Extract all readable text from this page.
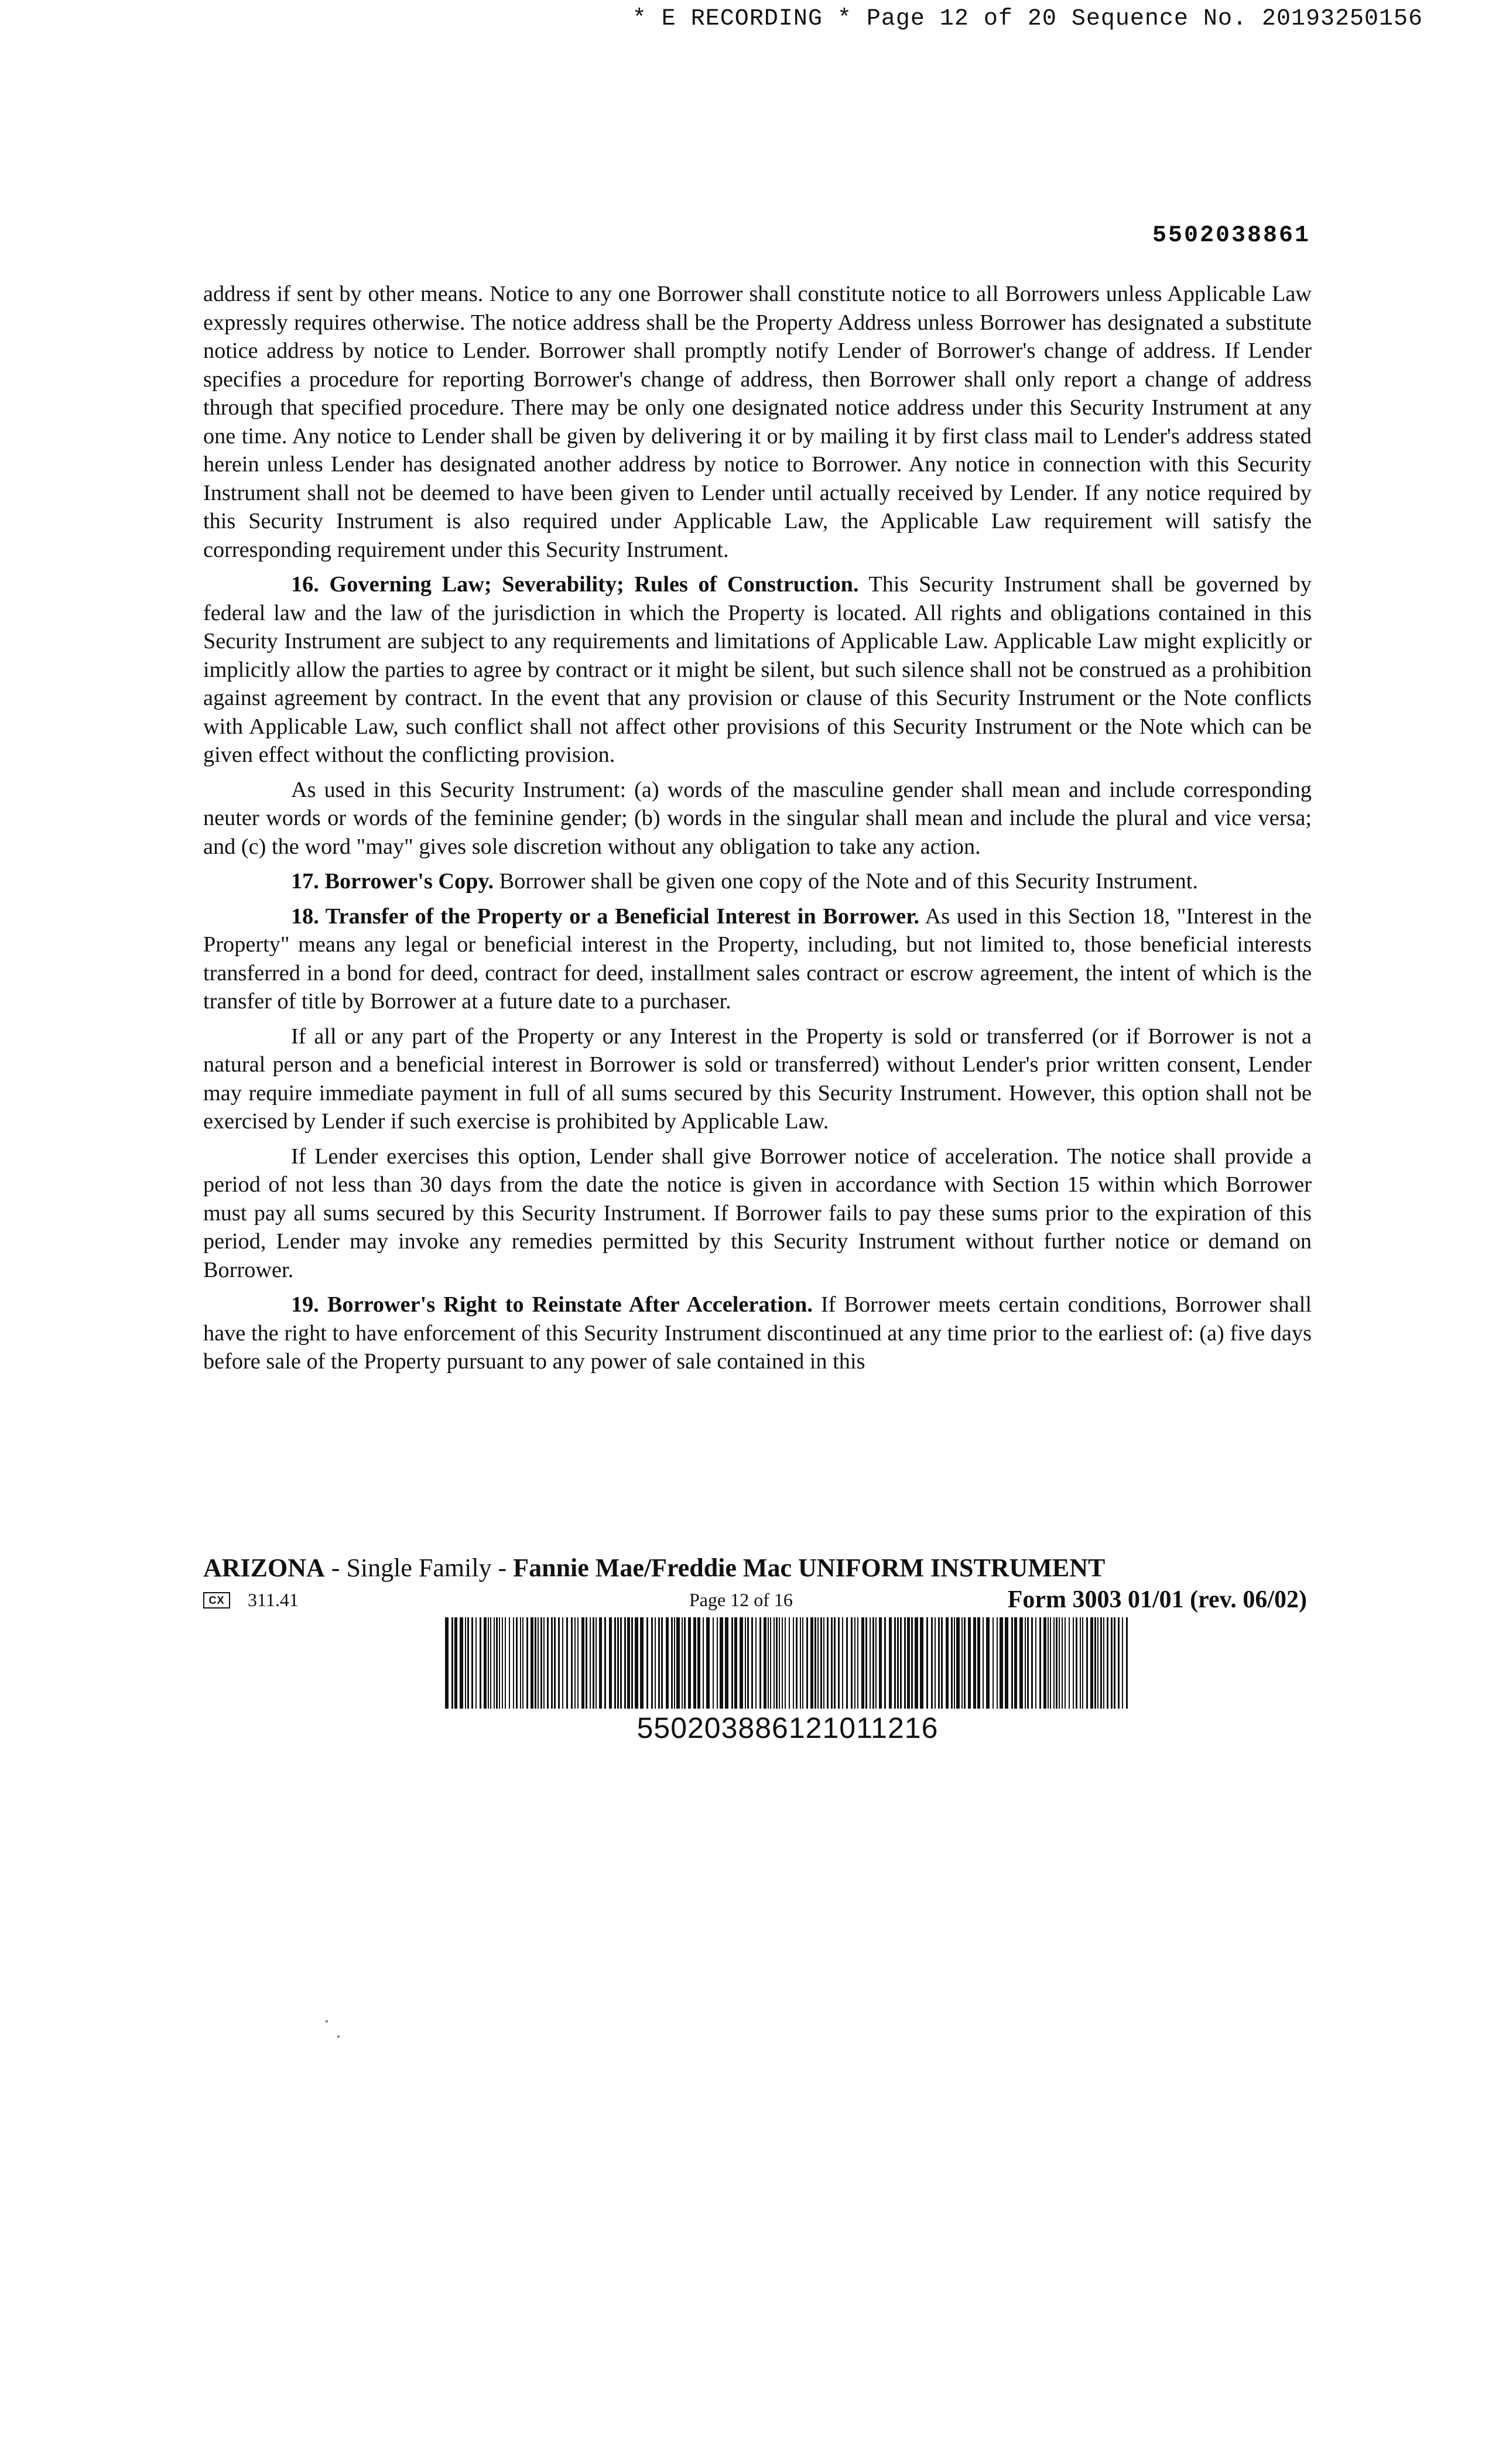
* E RECORDING * Page 12 of 20 Sequence No. 20193250156
5502038861

address if sent by other means. Notice to any one Borrower shall constitute notice to all Borrowers unless Applicable Law expressly requires otherwise. The notice address shall be the Property Address unless Borrower has designated a substitute notice address by notice to Lender. Borrower shall promptly notify Lender of Borrower's change of address. If Lender specifies a procedure for reporting Borrower's change of address, then Borrower shall only report a change of address through that specified procedure. There may be only one designated notice address under this Security Instrument at any one time. Any notice to Lender shall be given by delivering it or by mailing it by first class mail to Lender's address stated herein unless Lender has designated another address by notice to Borrower. Any notice in connection with this Security Instrument shall not be deemed to have been given to Lender until actually received by Lender. If any notice required by this Security Instrument is also required under Applicable Law, the Applicable Law requirement will satisfy the corresponding requirement under this Security Instrument.

16. Governing Law; Severability; Rules of Construction. This Security Instrument shall be governed by federal law and the law of the jurisdiction in which the Property is located. All rights and obligations contained in this Security Instrument are subject to any requirements and limitations of Applicable Law. Applicable Law might explicitly or implicitly allow the parties to agree by contract or it might be silent, but such silence shall not be construed as a prohibition against agreement by contract. In the event that any provision or clause of this Security Instrument or the Note conflicts with Applicable Law, such conflict shall not affect other provisions of this Security Instrument or the Note which can be given effect without the conflicting provision.

As used in this Security Instrument: (a) words of the masculine gender shall mean and include corresponding neuter words or words of the feminine gender; (b) words in the singular shall mean and include the plural and vice versa; and (c) the word "may" gives sole discretion without any obligation to take any action.

17. Borrower's Copy. Borrower shall be given one copy of the Note and of this Security Instrument.

18. Transfer of the Property or a Beneficial Interest in Borrower. As used in this Section 18, "Interest in the Property" means any legal or beneficial interest in the Property, including, but not limited to, those beneficial interests transferred in a bond for deed, contract for deed, installment sales contract or escrow agreement, the intent of which is the transfer of title by Borrower at a future date to a purchaser.

If all or any part of the Property or any Interest in the Property is sold or transferred (or if Borrower is not a natural person and a beneficial interest in Borrower is sold or transferred) without Lender's prior written consent, Lender may require immediate payment in full of all sums secured by this Security Instrument. However, this option shall not be exercised by Lender if such exercise is prohibited by Applicable Law.

If Lender exercises this option, Lender shall give Borrower notice of acceleration. The notice shall provide a period of not less than 30 days from the date the notice is given in accordance with Section 15 within which Borrower must pay all sums secured by this Security Instrument. If Borrower fails to pay these sums prior to the expiration of this period, Lender may invoke any remedies permitted by this Security Instrument without further notice or demand on Borrower.

19. Borrower's Right to Reinstate After Acceleration. If Borrower meets certain conditions, Borrower shall have the right to have enforcement of this Security Instrument discontinued at any time prior to the earliest of: (a) five days before sale of the Property pursuant to any power of sale contained in this

ARIZONA - Single Family - Fannie Mae/Freddie Mac UNIFORM INSTRUMENT
CX 311.41	Page 12 of 16	Form 3003 01/01 (rev. 06/02)
550203886121011216
